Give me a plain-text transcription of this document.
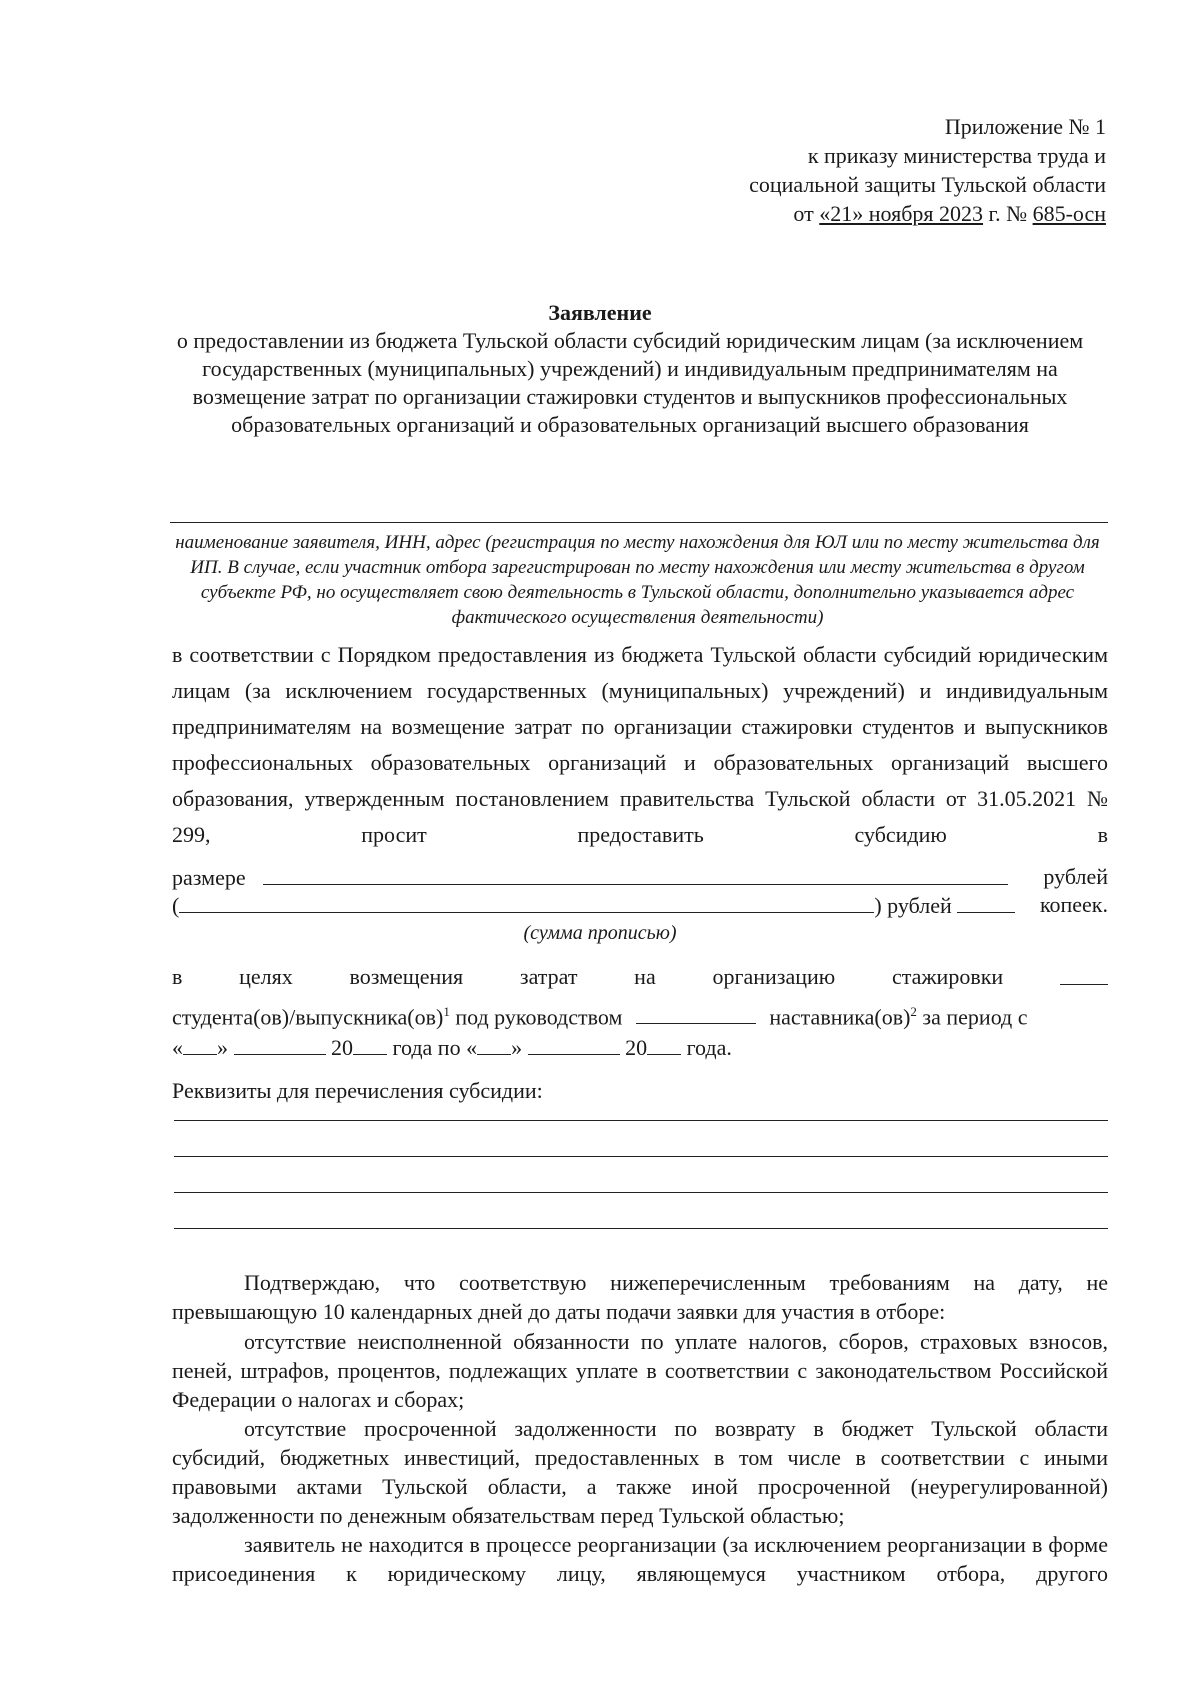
Приложение № 1
к приказу министерства труда и
социальной защиты Тульской области
от «21» ноября 2023 г. № 685-осн
Заявление
о предоставлении из бюджета Тульской области субсидий юридическим лицам (за исключением государственных (муниципальных) учреждений) и индивидуальным предпринимателям на возмещение затрат по организации стажировки студентов и выпускников профессиональных образовательных организаций и образовательных организаций высшего образования
наименование заявителя, ИНН, адрес (регистрация по месту нахождения для ЮЛ или по месту жительства для ИП. В случае, если участник отбора зарегистрирован по месту нахождения или месту жительства в другом субъекте РФ, но осуществляет свою деятельность в Тульской области, дополнительно указывается адрес фактического осуществления деятельности)
в соответствии с Порядком предоставления из бюджета Тульской области субсидий юридическим лицам (за исключением государственных (муниципальных) учреждений) и индивидуальным предпринимателям на возмещение затрат по организации стажировки студентов и выпускников профессиональных образовательных организаций и образовательных организаций высшего образования, утвержденным постановлением правительства Тульской области от 31.05.2021 № 299, просит предоставить субсидию в
размере	рублей
(	) рублей	копеек.
(сумма прописью)
в	целях	возмещения	затрат	на	организацию	стажировки
студента(ов)/выпускника(ов)$^1$ под руководством	наставника(ов)$^2$ за период с
« »	20 года по « »	20 года.
Реквизиты для перечисления субсидии:
Подтверждаю, что соответствую нижеперечисленным требованиям на дату, не превышающую 10 календарных дней до даты подачи заявки для участия в отборе:
отсутствие неисполненной обязанности по уплате налогов, сборов, страховых взносов, пеней, штрафов, процентов, подлежащих уплате в соответствии с законодательством Российской Федерации о налогах и сборах;
отсутствие просроченной задолженности по возврату в бюджет Тульской области субсидий, бюджетных инвестиций, предоставленных в том числе в соответствии с иными правовыми актами Тульской области, а также иной просроченной (неурегулированной) задолженности по денежным обязательствам перед Тульской областью;
заявитель не находится в процессе реорганизации (за исключением реорганизации в форме присоединения к юридическому лицу, являющемуся участником отбора, другого
